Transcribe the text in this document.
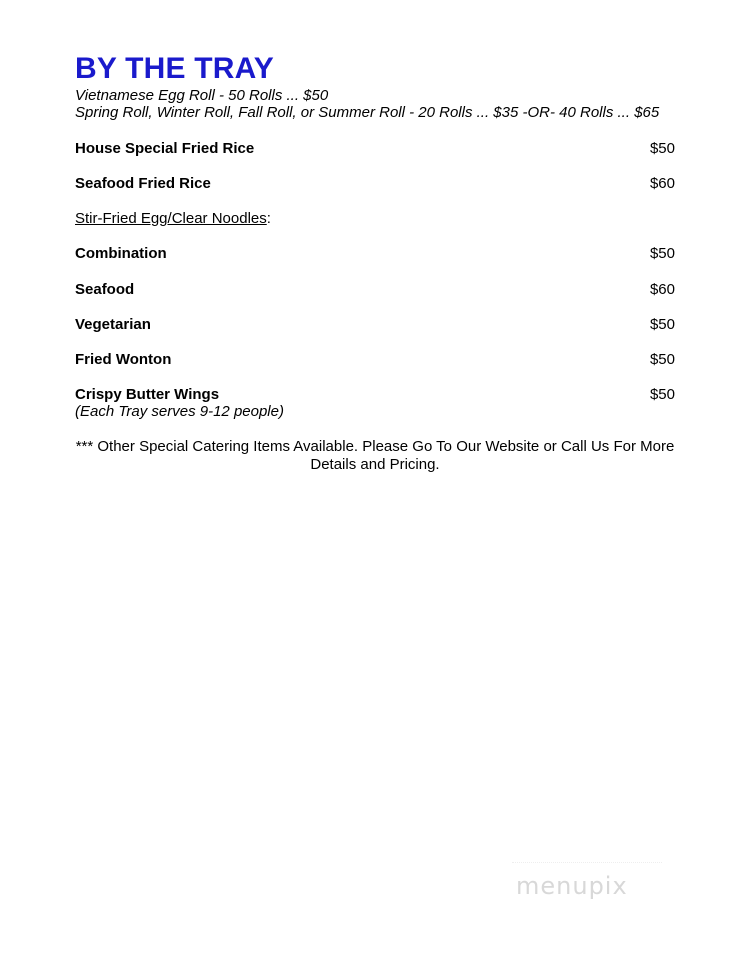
BY THE TRAY
Vietnamese Egg Roll - 50 Rolls ... $50
Spring Roll, Winter Roll, Fall Roll, or Summer Roll - 20 Rolls ... $35 -OR- 40 Rolls ... $65
House Special Fried Rice	$50
Seafood Fried Rice	$60
Stir-Fried Egg/Clear Noodles:
Combination	$50
Seafood	$60
Vegetarian	$50
Fried Wonton	$50
Crispy Butter Wings	$50
(Each Tray serves 9-12 people)
*** Other Special Catering Items Available. Please Go To Our Website or Call Us For More
Details and Pricing.
menupix
